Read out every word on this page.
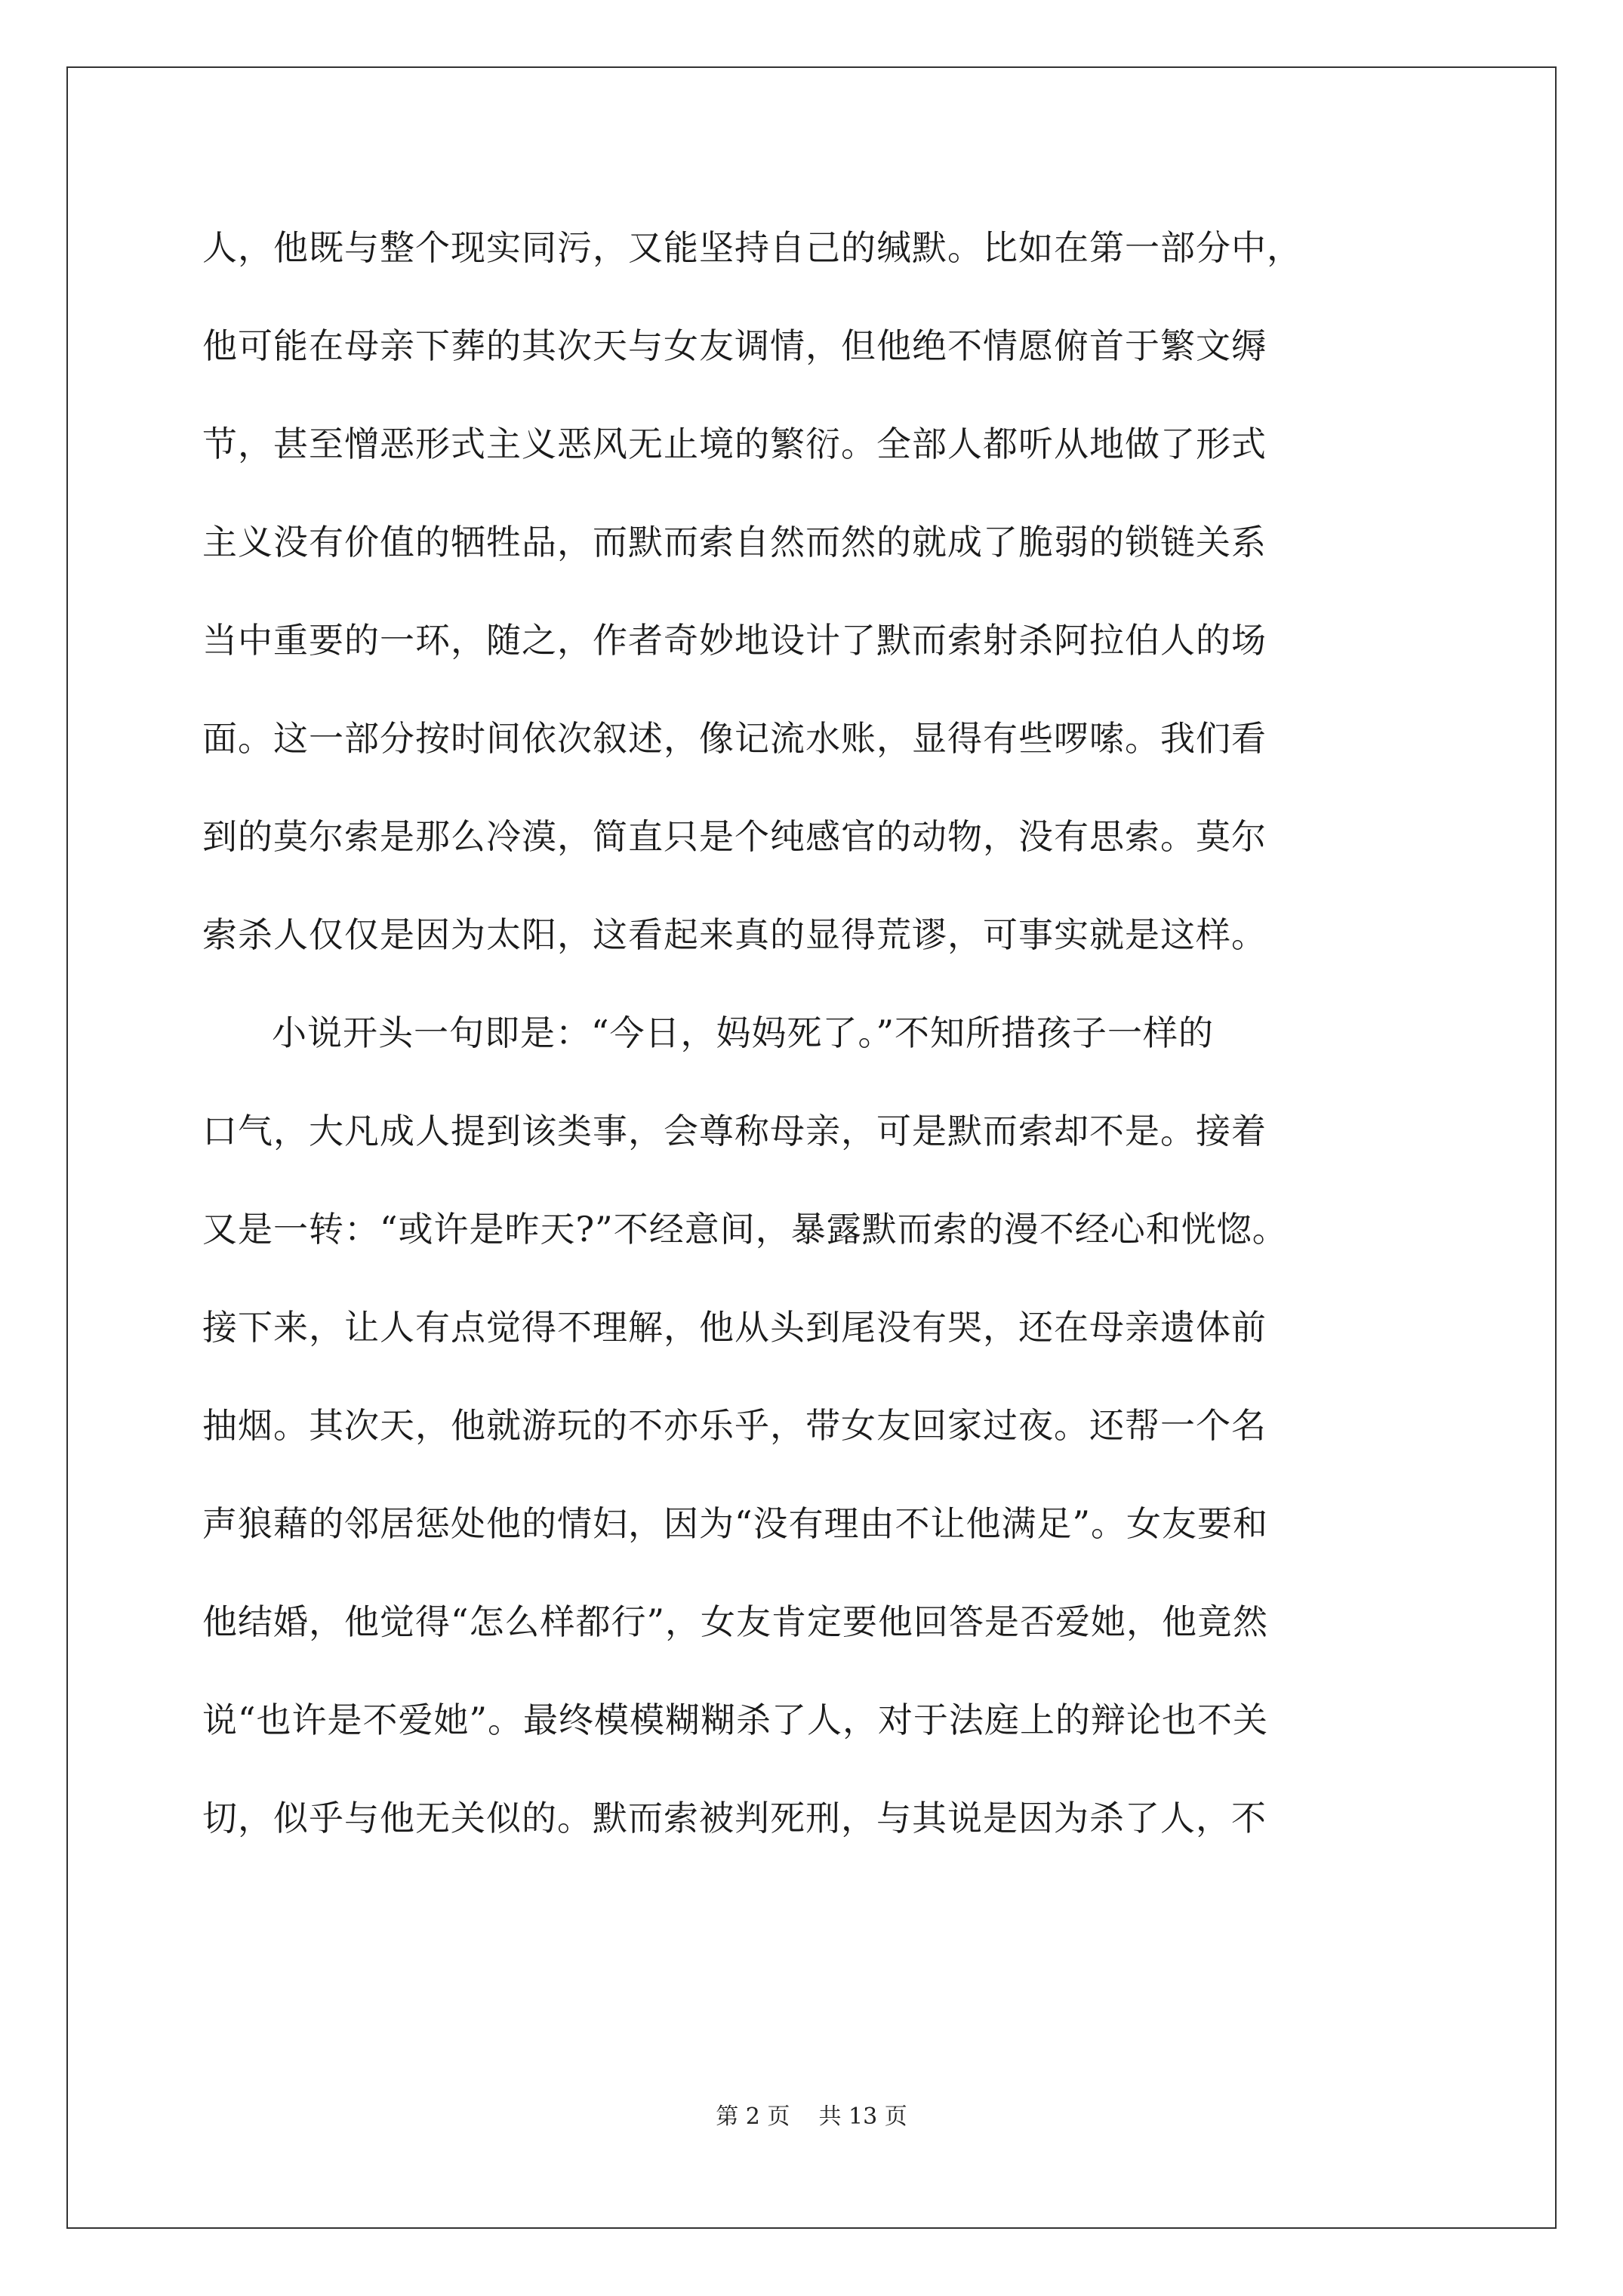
人，他既与整个现实同污，又能坚持自己的缄默。比如在第一部分中，
他可能在母亲下葬的其次天与女友调情，但他绝不情愿俯首于繁文缛
节，甚至憎恶形式主义恶风无止境的繁衍。全部人都听从地做了形式
主义没有价值的牺牲品，而默而索自然而然的就成了脆弱的锁链关系
当中重要的一环，随之，作者奇妙地设计了默而索射杀阿拉伯人的场
面。这一部分按时间依次叙述，像记流水账，显得有些啰嗦。我们看
到的莫尔索是那么冷漠，简直只是个纯感官的动物，没有思索。莫尔
索杀人仅仅是因为太阳，这看起来真的显得荒谬，可事实就是这样。
小说开头一句即是：“今日，妈妈死了。”不知所措孩子一样的
口气，大凡成人提到该类事，会尊称母亲，可是默而索却不是。接着
又是一转：“或许是昨天?”不经意间，暴露默而索的漫不经心和恍惚。
接下来，让人有点觉得不理解，他从头到尾没有哭，还在母亲遗体前
抽烟。其次天，他就游玩的不亦乐乎，带女友回家过夜。还帮一个名
声狼藉的邻居惩处他的情妇，因为“没有理由不让他满足”。女友要和
他结婚，他觉得“怎么样都行”，女友肯定要他回答是否爱她，他竟然
说“也许是不爱她”。最终模模糊糊杀了人，对于法庭上的辩论也不关
切，似乎与他无关似的。默而索被判死刑，与其说是因为杀了人，不
第 2 页    共 13 页
